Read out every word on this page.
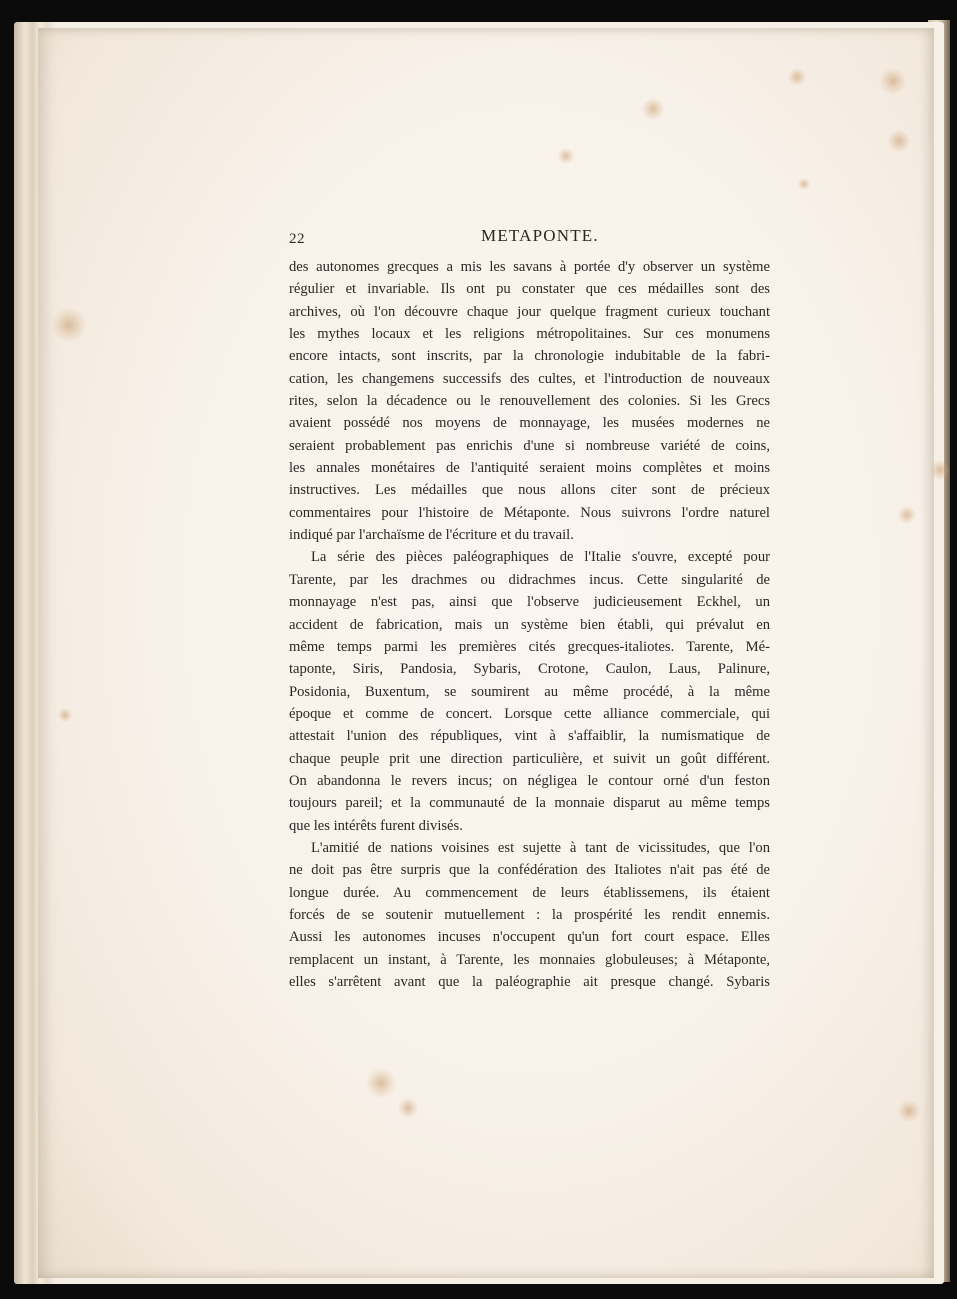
22	METAPONTE.
des autonomes grecques a mis les savans à portée d'y observer un système
régulier et invariable. Ils ont pu constater que ces médailles sont des
archives, où l'on découvre chaque jour quelque fragment curieux touchant
les mythes locaux et les religions métropolitaines. Sur ces monumens
encore intacts, sont inscrits, par la chronologie indubitable de la fabri-
cation, les changemens successifs des cultes, et l'introduction de nouveaux
rites, selon la décadence ou le renouvellement des colonies. Si les Grecs
avaient possédé nos moyens de monnayage, les musées modernes ne
seraient probablement pas enrichis d'une si nombreuse variété de coins,
les annales monétaires de l'antiquité seraient moins complètes et moins
instructives. Les médailles que nous allons citer sont de précieux
commentaires pour l'histoire de Métaponte. Nous suivrons l'ordre naturel
indiqué par l'archaïsme de l'écriture et du travail.
La série des pièces paléographiques de l'Italie s'ouvre, excepté pour
Tarente, par les drachmes ou didrachmes incus. Cette singularité de
monnayage n'est pas, ainsi que l'observe judicieusement Eckhel, un
accident de fabrication, mais un système bien établi, qui prévalut en
même temps parmi les premières cités grecques-italiotes. Tarente, Mé-
taponte, Siris, Pandosia, Sybaris, Crotone, Caulon, Laus, Palinure,
Posidonia, Buxentum, se soumirent au même procédé, à la même
époque et comme de concert. Lorsque cette alliance commerciale, qui
attestait l'union des républiques, vint à s'affaiblir, la numismatique de
chaque peuple prit une direction particulière, et suivit un goût différent.
On abandonna le revers incus; on négligea le contour orné d'un feston
toujours pareil; et la communauté de la monnaie disparut au même temps
que les intérêts furent divisés.
L'amitié de nations voisines est sujette à tant de vicissitudes, que l'on
ne doit pas être surpris que la confédération des Italiotes n'ait pas été de
longue durée. Au commencement de leurs établissemens, ils étaient
forcés de se soutenir mutuellement : la prospérité les rendit ennemis.
Aussi les autonomes incuses n'occupent qu'un fort court espace. Elles
remplacent un instant, à Tarente, les monnaies globuleuses; à Métaponte,
elles s'arrêtent avant que la paléographie ait presque changé. Sybaris
